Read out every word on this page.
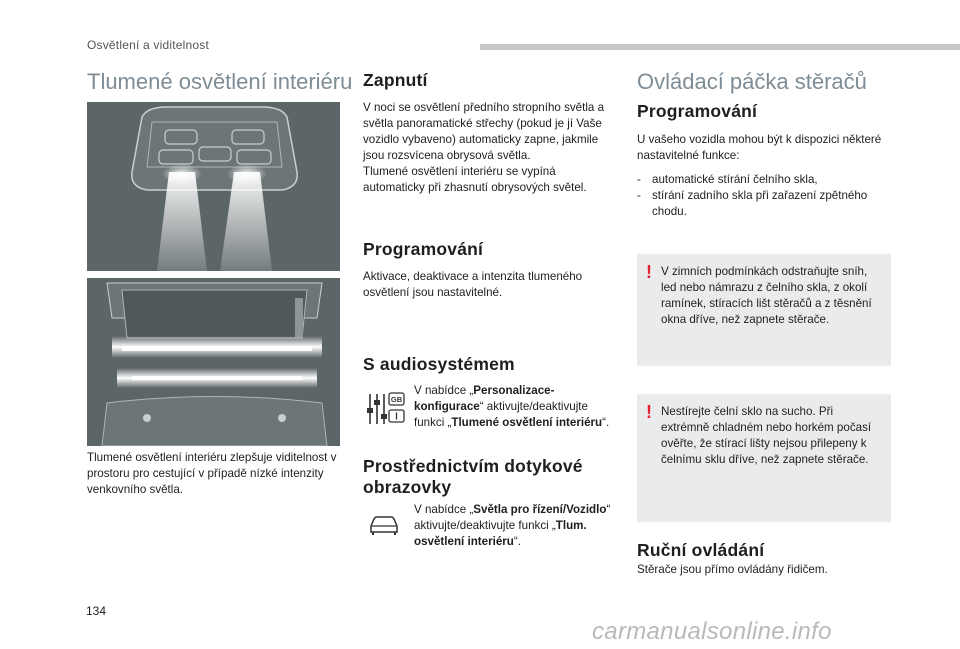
Osvětlení a viditelnost
Tlumené osvětlení interiéru

Tlumené osvětlení interiéru zlepšuje viditelnost v prostoru pro cestující v případě nízké intenzity venkovního světla.

Zapnutí

V noci se osvětlení předního stropního světla a světla panoramatické střechy (pokud je jí Vaše vozidlo vybaveno) automaticky zapne, jakmile jsou rozsvícena obrysová světla.

Tlumené osvětlení interiéru se vypíná automaticky při zhasnutí obrysových světel.

Programování

Aktivace, deaktivace a intenzita tlumeného osvětlení jsou nastavitelné.

S audiosystémem
GB

V nabídce „Personalizace-konfigurace“ aktivujte/deaktivujte funkci „Tlumené osvětlení interiéru“.

Prostřednictvím dotykové obrazovky

V nabídce „Světla pro řízení/Vozidlo“ aktivujte/deaktivujte funkci „Tlum. osvětlení interiéru“.

Ovládací páčka stěračů
Programování

U vašeho vozidla mohou být k dispozici některé nastavitelné funkce:

- automatické stírání čelního skla,
- stírání zadního skla při zařazení zpětného chodu.
! V zimních podmínkách odstraňujte sníh, led nebo námrazu z čelního skla, z okolí ramínek, stíracích lišt stěračů a z těsnění okna dříve, než zapnete stěrače.

! Nestírejte čelní sklo na sucho. Při extrémně chladném nebo horkém počasí ověřte, že stírací lišty nejsou přilepeny k čelnímu sklu dříve, než zapnete stěrače.

Ruční ovládání

Stěrače jsou přímo ovládány řidičem.

134
carmanualsonline.info
